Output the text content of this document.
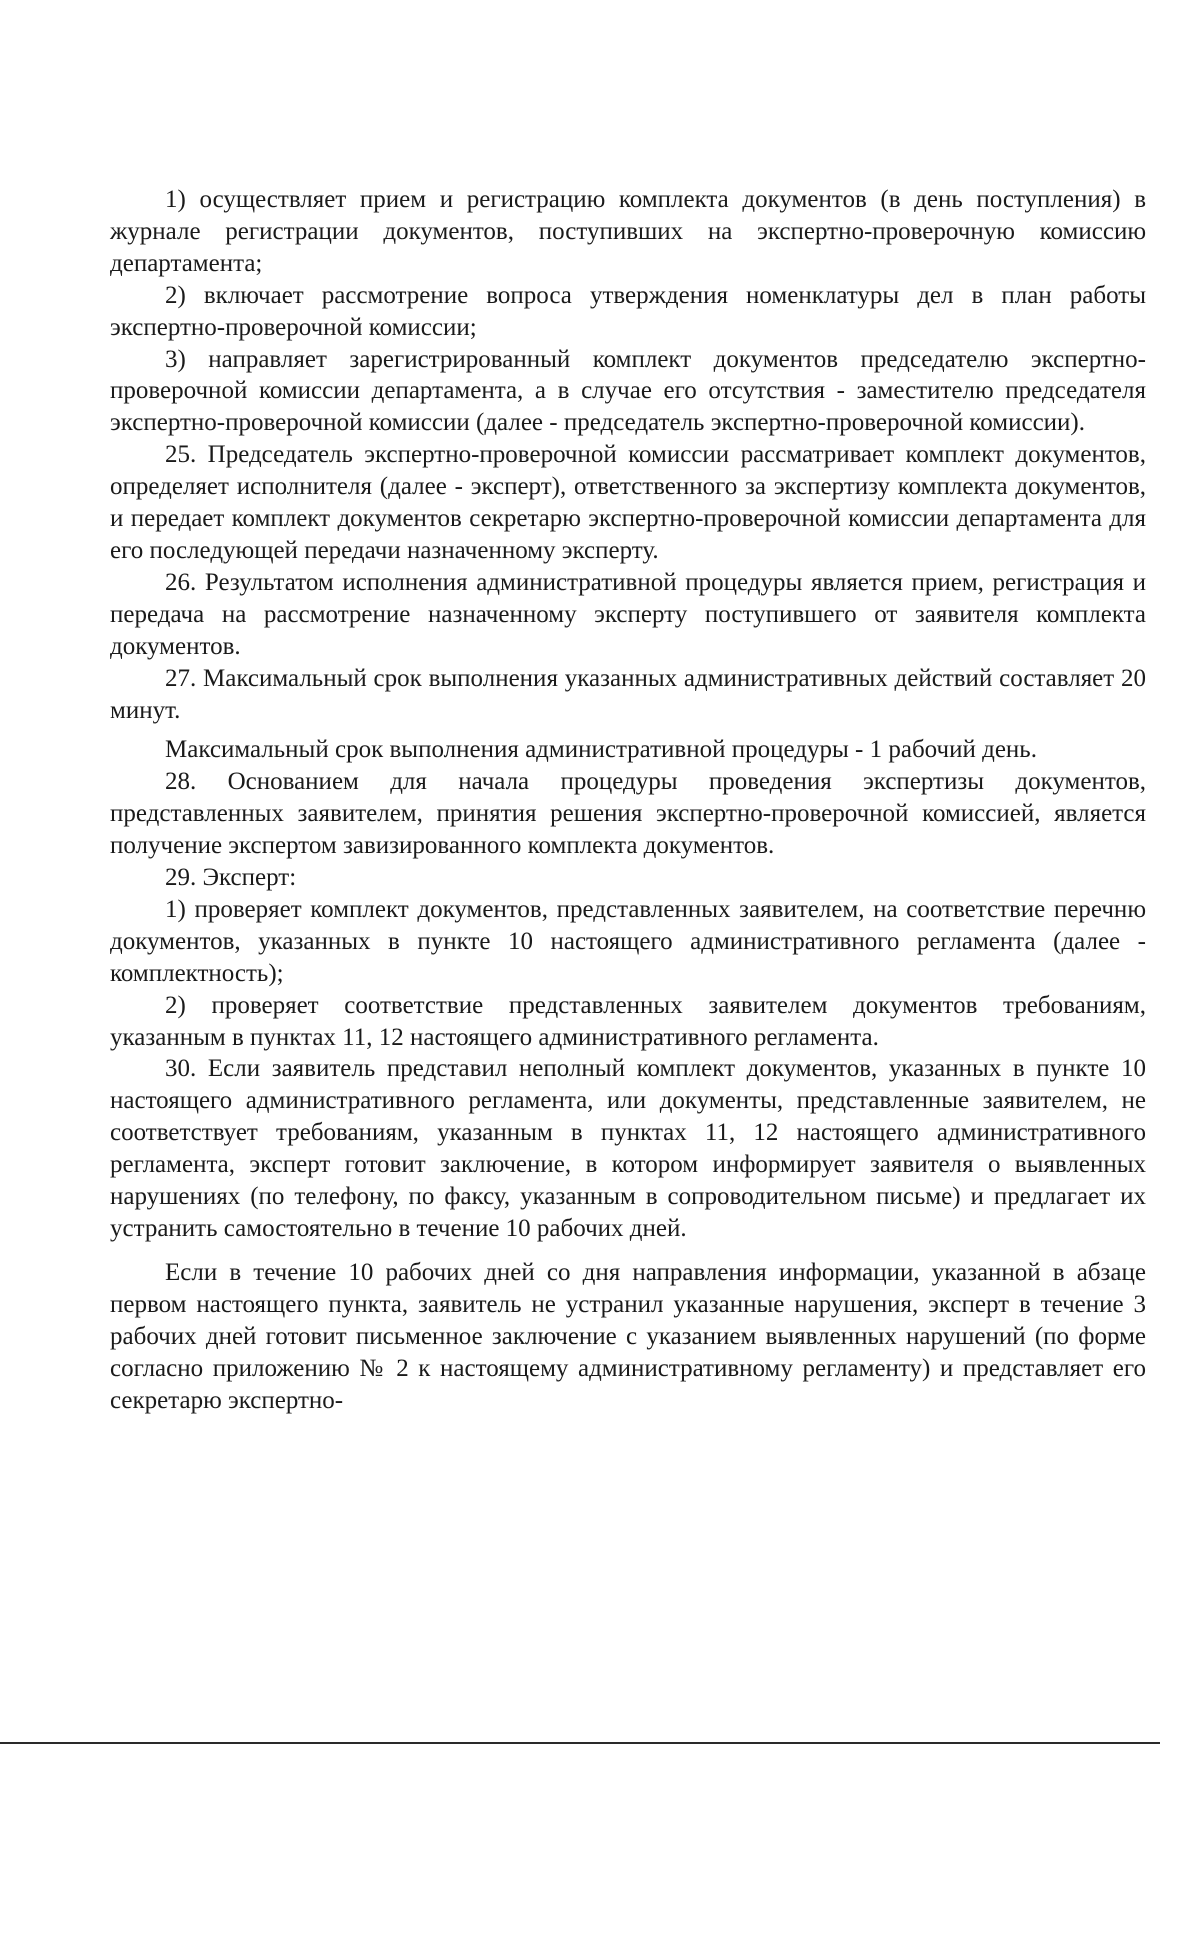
1) осуществляет прием и регистрацию комплекта документов (в день поступления) в журнале регистрации документов, поступивших на экспертно-проверочную комиссию департамента;

2) включает рассмотрение вопроса утверждения номенклатуры дел в план работы экспертно-проверочной комиссии;

3) направляет зарегистрированный комплект документов председателю экспертно-проверочной комиссии департамента, а в случае его отсутствия - заместителю председателя экспертно-проверочной комиссии (далее - председатель экспертно-проверочной комиссии).

25. Председатель экспертно-проверочной комиссии рассматривает комплект документов, определяет исполнителя (далее - эксперт), ответственного за экспертизу комплекта документов, и передает комплект документов секретарю экспертно-проверочной комиссии департамента для его последующей передачи назначенному эксперту.

26. Результатом исполнения административной процедуры является прием, регистрация и передача на рассмотрение назначенному эксперту поступившего от заявителя комплекта документов.

27. Максимальный срок выполнения указанных административных действий составляет 20 минут.

Максимальный срок выполнения административной процедуры - 1 рабочий день.

28. Основанием для начала процедуры проведения экспертизы документов, представленных заявителем, принятия решения экспертно-проверочной комиссией, является получение экспертом завизированного комплекта документов.

29. Эксперт:

1) проверяет комплект документов, представленных заявителем, на соответствие перечню документов, указанных в пункте 10 настоящего административного регламента (далее - комплектность);

2) проверяет соответствие представленных заявителем документов требованиям, указанным в пунктах 11, 12 настоящего административного регламента.

30. Если заявитель представил неполный комплект документов, указанных в пункте 10 настоящего административного регламента, или документы, представленные заявителем, не соответствует требованиям, указанным в пунктах 11, 12 настоящего административного регламента, эксперт готовит заключение, в котором информирует заявителя о выявленных нарушениях (по телефону, по факсу, указанным в сопроводительном письме) и предлагает их устранить самостоятельно в течение 10 рабочих дней.

Если в течение 10 рабочих дней со дня направления информации, указанной в абзаце первом настоящего пункта, заявитель не устранил указанные нарушения, эксперт в течение 3 рабочих дней готовит письменное заключение с указанием выявленных нарушений (по форме согласно приложению № 2 к настоящему административному регламенту) и представляет его секретарю экспертно-
